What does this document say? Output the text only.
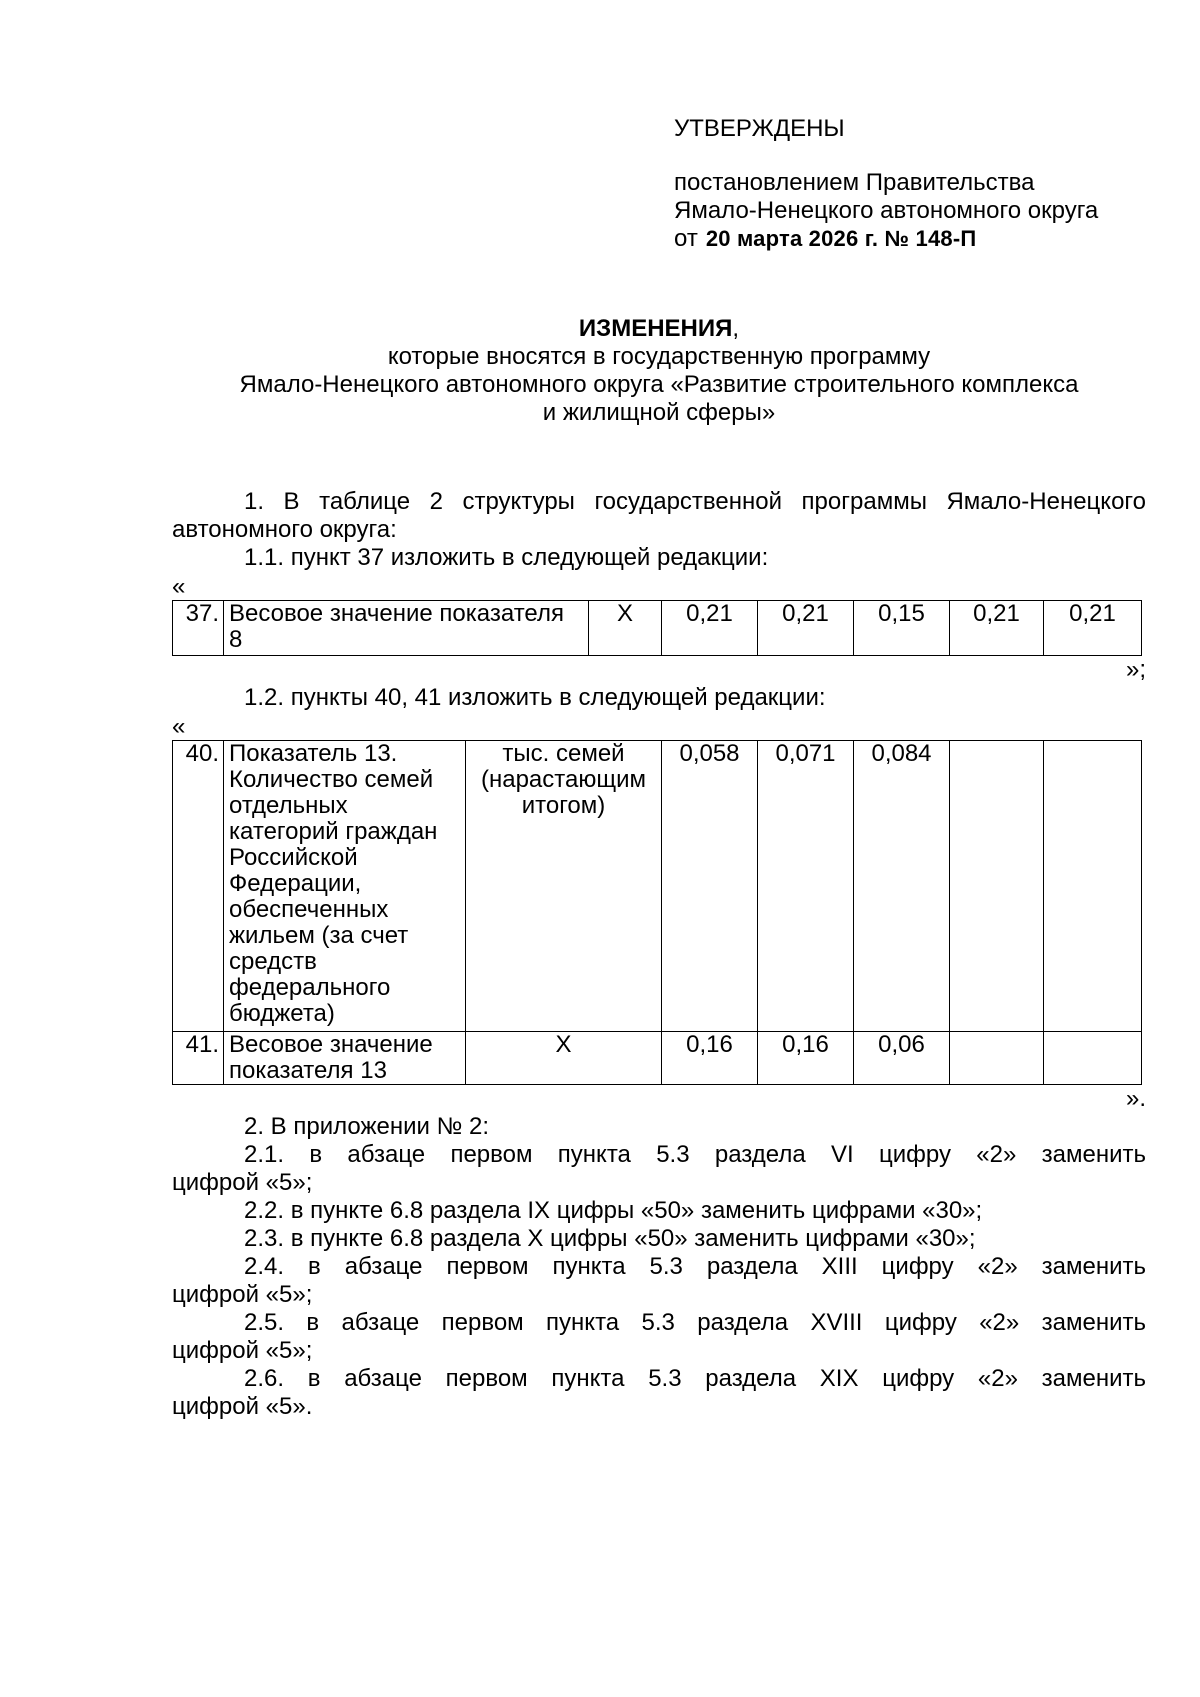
УТВЕРЖДЕНЫ
постановлением Правительства
Ямало-Ненецкого автономного округа
от 20 марта 2026 г. № 148-П
ИЗМЕНЕНИЯ,
которые вносятся в государственную программу
Ямало-Ненецкого автономного округа «Развитие строительного комплекса
и жилищной сферы»
1. В таблице 2 структуры государственной программы Ямало-Ненецкого автономного округа:
1.1. пункт 37 изложить в следующей редакции:
«
37.	Весовое значение показателя 8	X	0,21	0,21	0,15	0,21	0,21
»;
1.2. пункты 40, 41 изложить в следующей редакции:
«
40.	Показатель 13. Количество семей отдельных категорий граждан Российской Федерации, обеспеченных жильем (за счет средств федерального бюджета)	тыс. семей (нарастающим итогом)	0,058	0,071	0,084		
41.	Весовое значение показателя 13	X	0,16	0,16	0,06		
».
2. В приложении № 2:
2.1. в абзаце первом пункта 5.3 раздела VI цифру «2» заменить
цифрой «5»;
2.2. в пункте 6.8 раздела IX цифры «50» заменить цифрами «30»;
2.3. в пункте 6.8 раздела X цифры «50» заменить цифрами «30»;
2.4. в абзаце первом пункта 5.3 раздела XIII цифру «2» заменить
цифрой «5»;
2.5. в абзаце первом пункта 5.3 раздела XVIII цифру «2» заменить
цифрой «5»;
2.6. в абзаце первом пункта 5.3 раздела XIX цифру «2» заменить
цифрой «5».
